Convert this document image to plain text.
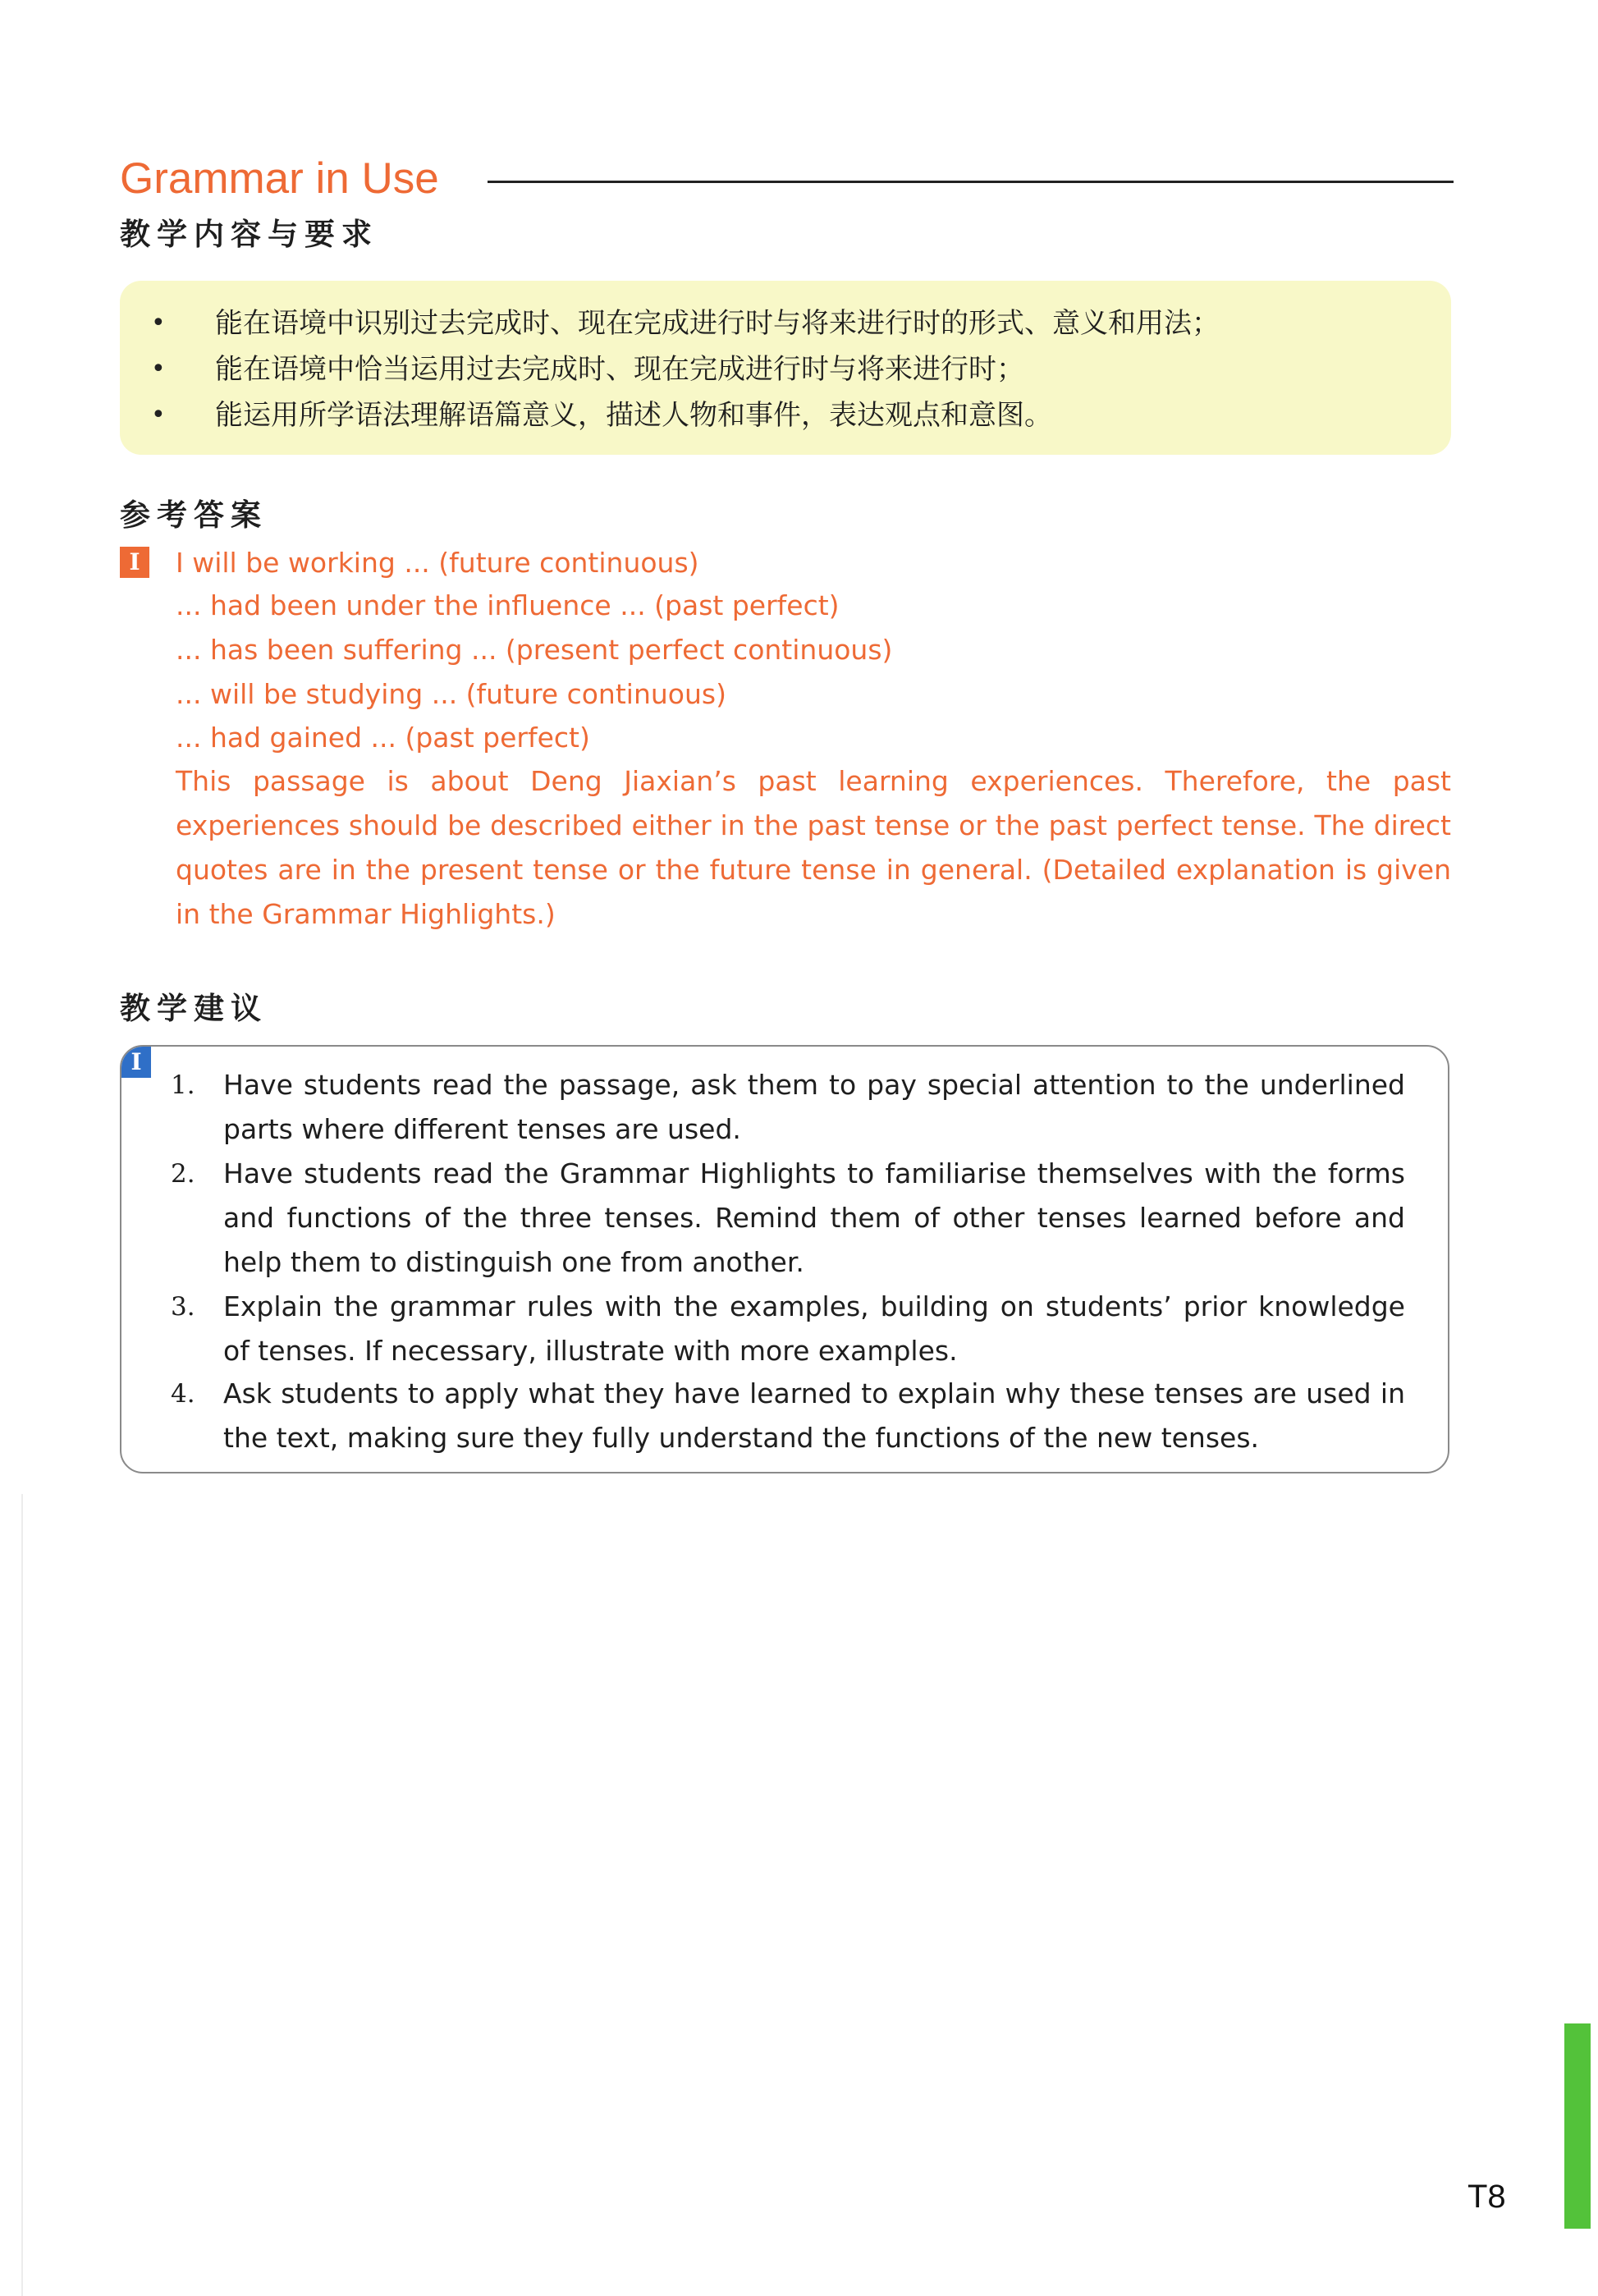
Grammar in Use
教学内容与要求
• 能在语境中识别过去完成时、现在完成进行时与将来进行时的形式、意义和用法；
• 能在语境中恰当运用过去完成时、现在完成进行时与将来进行时；
• 能运用所学语法理解语篇意义，描述人物和事件，表达观点和意图。
参考答案
I	I will be working ... (future continuous)
... had been under the influence ... (past perfect)
... has been suffering ... (present perfect continuous)
... will be studying ... (future continuous)
... had gained ... (past perfect)
This passage is about Deng Jiaxian’s past learning experiences. Therefore, the past experiences should be described either in the past tense or the past perfect tense. The direct quotes are in the present tense or the future tense in general. (Detailed explanation is given in the Grammar Highlights.)
教学建议
I
1.	Have students read the passage, ask them to pay special attention to the underlined parts where different tenses are used.
2.	Have students read the Grammar Highlights to familiarise themselves with the forms and functions of the three tenses. Remind them of other tenses learned before and help them to distinguish one from another.
3.	Explain the grammar rules with the examples, building on students’ prior knowledge of tenses. If necessary, illustrate with more examples.
4.	Ask students to apply what they have learned to explain why these tenses are used in the text, making sure they fully understand the functions of the new tenses.
T8
